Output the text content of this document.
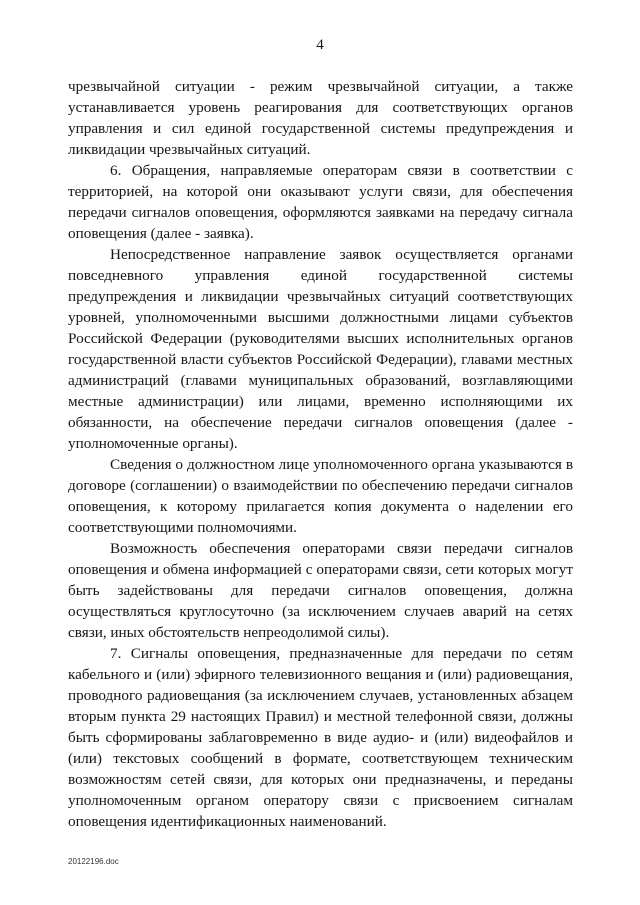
4

чрезвычайной ситуации - режим чрезвычайной ситуации, а также устанавливается уровень реагирования для соответствующих органов управления и сил единой государственной системы предупреждения и ликвидации чрезвычайных ситуаций.

6. Обращения, направляемые операторам связи в соответствии с территорией, на которой они оказывают услуги связи, для обеспечения передачи сигналов оповещения, оформляются заявками на передачу сигнала оповещения (далее - заявка).

Непосредственное направление заявок осуществляется органами повседневного управления единой государственной системы предупреждения и ликвидации чрезвычайных ситуаций соответствующих уровней, уполномоченными высшими должностными лицами субъектов Российской Федерации (руководителями высших исполнительных органов государственной власти субъектов Российской Федерации), главами местных администраций (главами муниципальных образований, возглавляющими местные администрации) или лицами, временно исполняющими их обязанности, на обеспечение передачи сигналов оповещения (далее - уполномоченные органы).

Сведения о должностном лице уполномоченного органа указываются в договоре (соглашении) о взаимодействии по обеспечению передачи сигналов оповещения, к которому прилагается копия документа о наделении его соответствующими полномочиями.

Возможность обеспечения операторами связи передачи сигналов оповещения и обмена информацией с операторами связи, сети которых могут быть задействованы для передачи сигналов оповещения, должна осуществляться круглосуточно (за исключением случаев аварий на сетях связи, иных обстоятельств непреодолимой силы).

7. Сигналы оповещения, предназначенные для передачи по сетям кабельного и (или) эфирного телевизионного вещания и (или) радиовещания, проводного радиовещания (за исключением случаев, установленных абзацем вторым пункта 29 настоящих Правил) и местной телефонной связи, должны быть сформированы заблаговременно в виде аудио- и (или) видеофайлов и (или) текстовых сообщений в формате, соответствующем техническим возможностям сетей связи, для которых они предназначены, и переданы уполномоченным органом оператору связи с присвоением сигналам оповещения идентификационных наименований.

20122196.doc
